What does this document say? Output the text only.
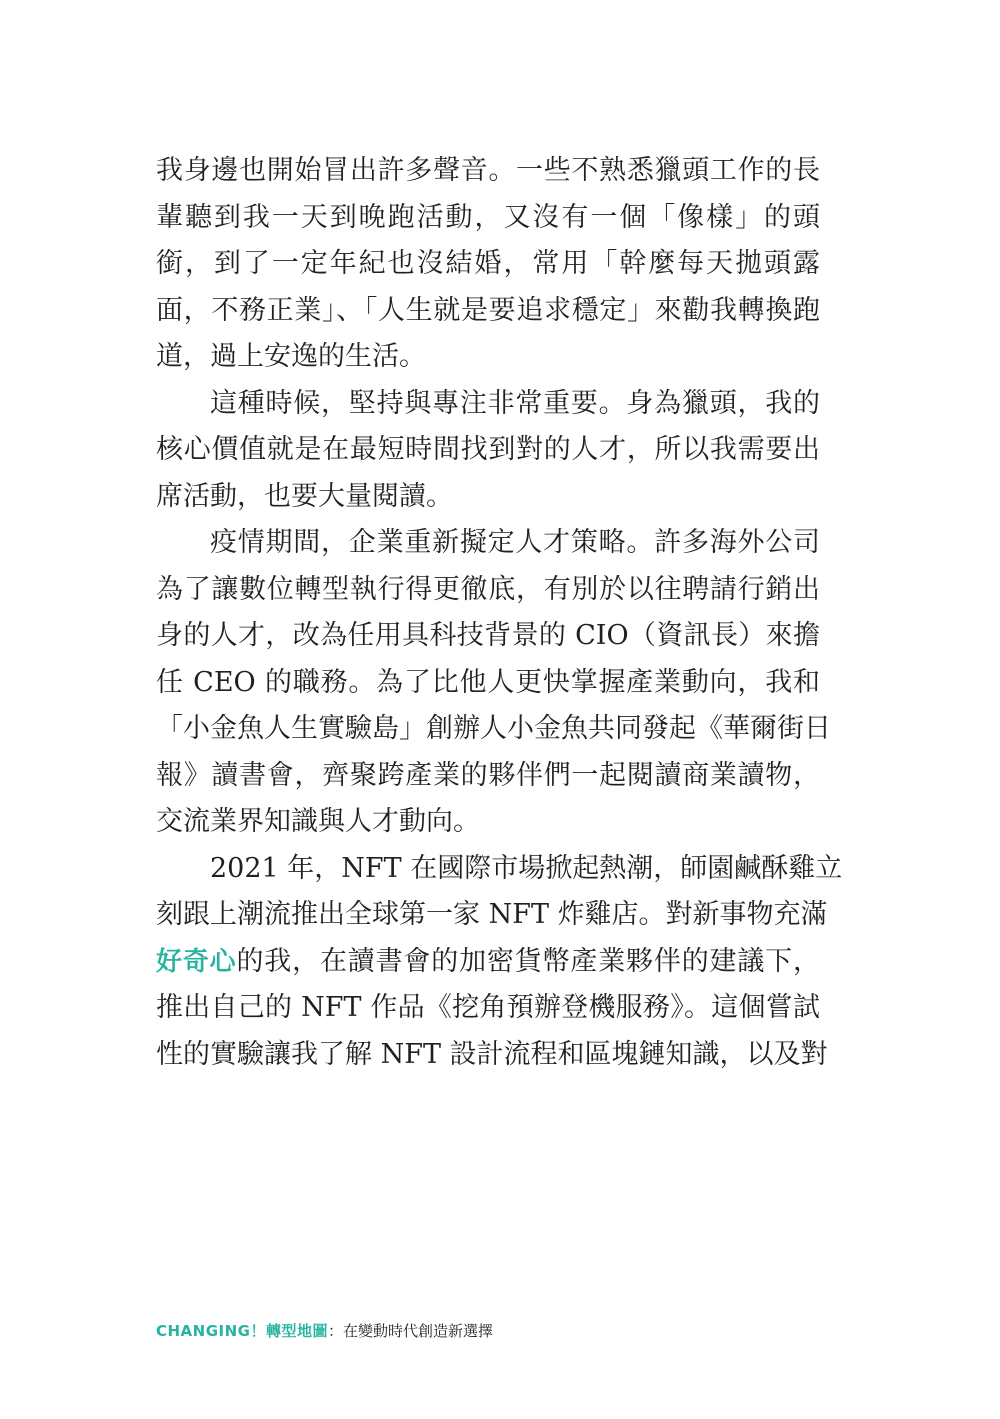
我身邊也開始冒出許多聲音。一些不熟悉獵頭工作的長
輩聽到我一天到晚跑活動，又沒有一個「像樣」的頭
銜，到了一定年紀也沒結婚，常用「幹麼每天拋頭露
面，不務正業」、「人生就是要追求穩定」來勸我轉換跑
道，過上安逸的生活。
這種時候，堅持與專注非常重要。身為獵頭，我的
核心價值就是在最短時間找到對的人才，所以我需要出
席活動，也要大量閱讀。
疫情期間，企業重新擬定人才策略。許多海外公司
為了讓數位轉型執行得更徹底，有別於以往聘請行銷出
身的人才，改為任用具科技背景的 CIO（資訊長）來擔
任 CEO 的職務。為了比他人更快掌握產業動向，我和
「小金魚人生實驗島」創辦人小金魚共同發起《華爾街日
報》讀書會，齊聚跨產業的夥伴們一起閱讀商業讀物，
交流業界知識與人才動向。
2021 年，NFT 在國際市場掀起熱潮，師園鹹酥雞立
刻跟上潮流推出全球第一家 NFT 炸雞店。對新事物充滿
好奇心的我，在讀書會的加密貨幣產業夥伴的建議下，
推出自己的 NFT 作品《挖角預辦登機服務》。這個嘗試
性的實驗讓我了解 NFT 設計流程和區塊鏈知識，以及對
CHANGING！轉型地圖：在變動時代創造新選擇
